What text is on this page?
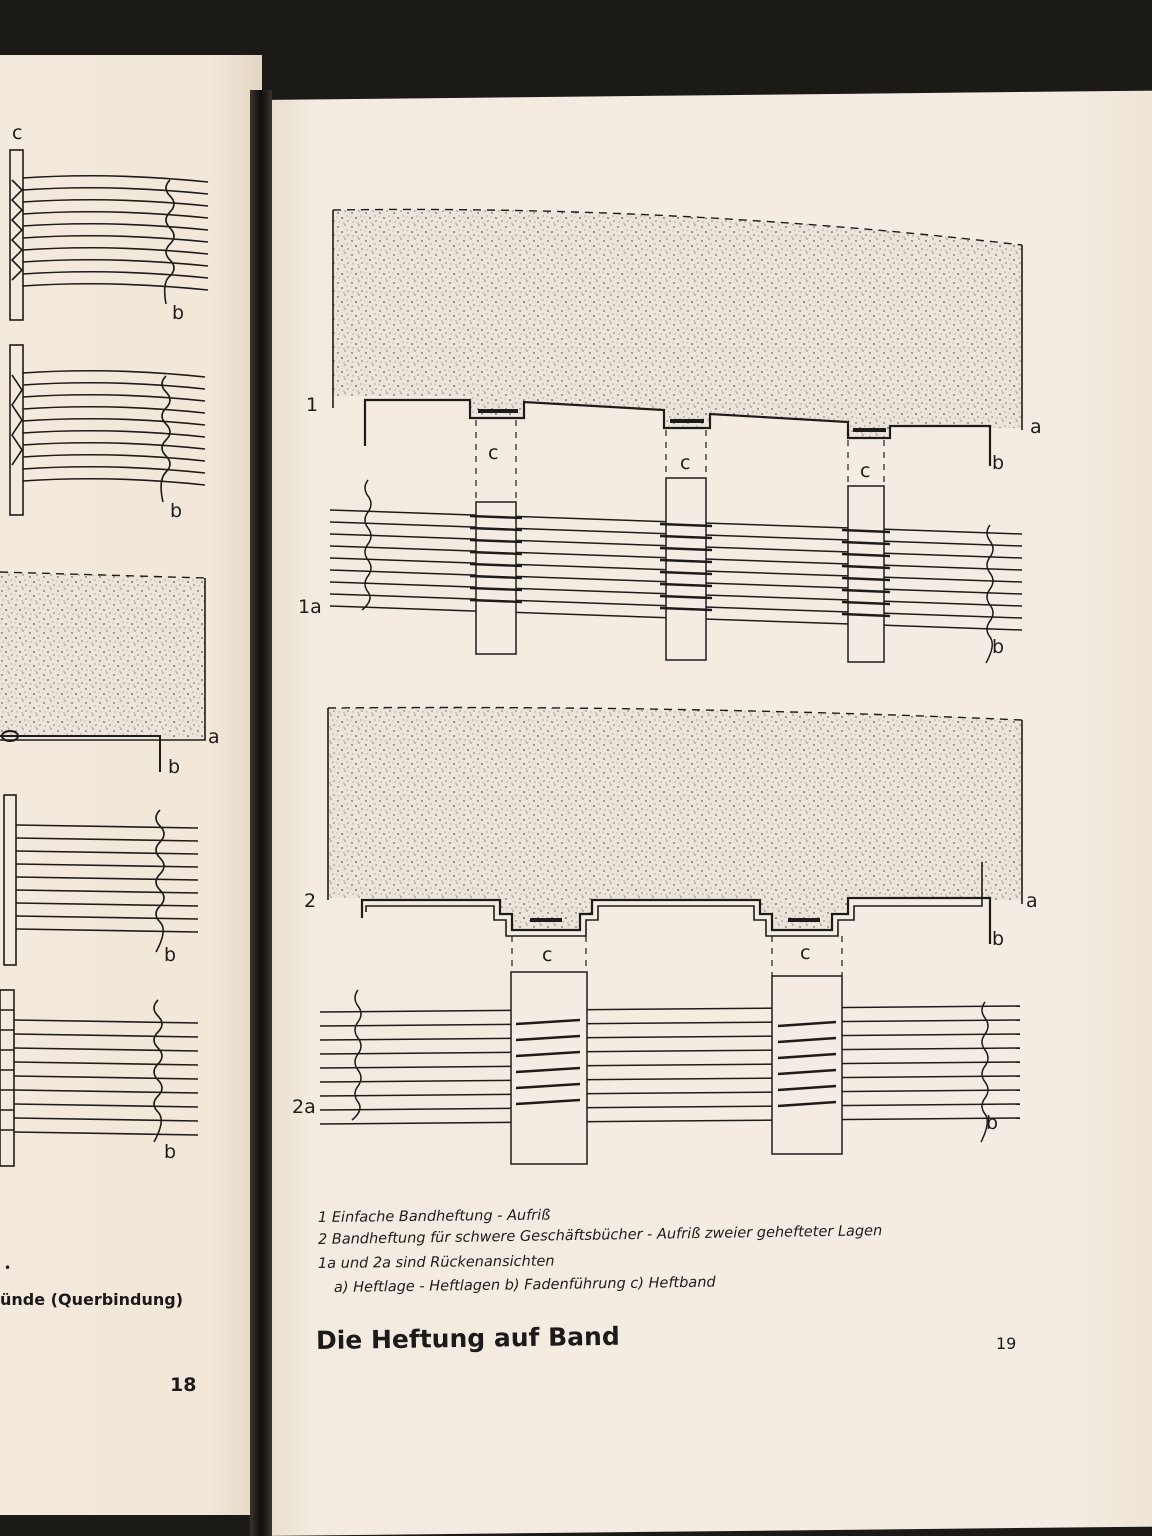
c
b
b
a
b
b
b
•
ünde (Querbindung)
18
1
a
b
c	c	c
1a
b
2	a
b
c	c
2a
b
1 Einfache Bandheftung - Aufriß
2 Bandheftung für schwere Geschäftsbücher - Aufriß zweier gehefteter Lagen
1a und 2a sind Rückenansichten
a) Heftlage - Heftlagen b) Fadenführung c) Heftband
Die Heftung auf Band	19
